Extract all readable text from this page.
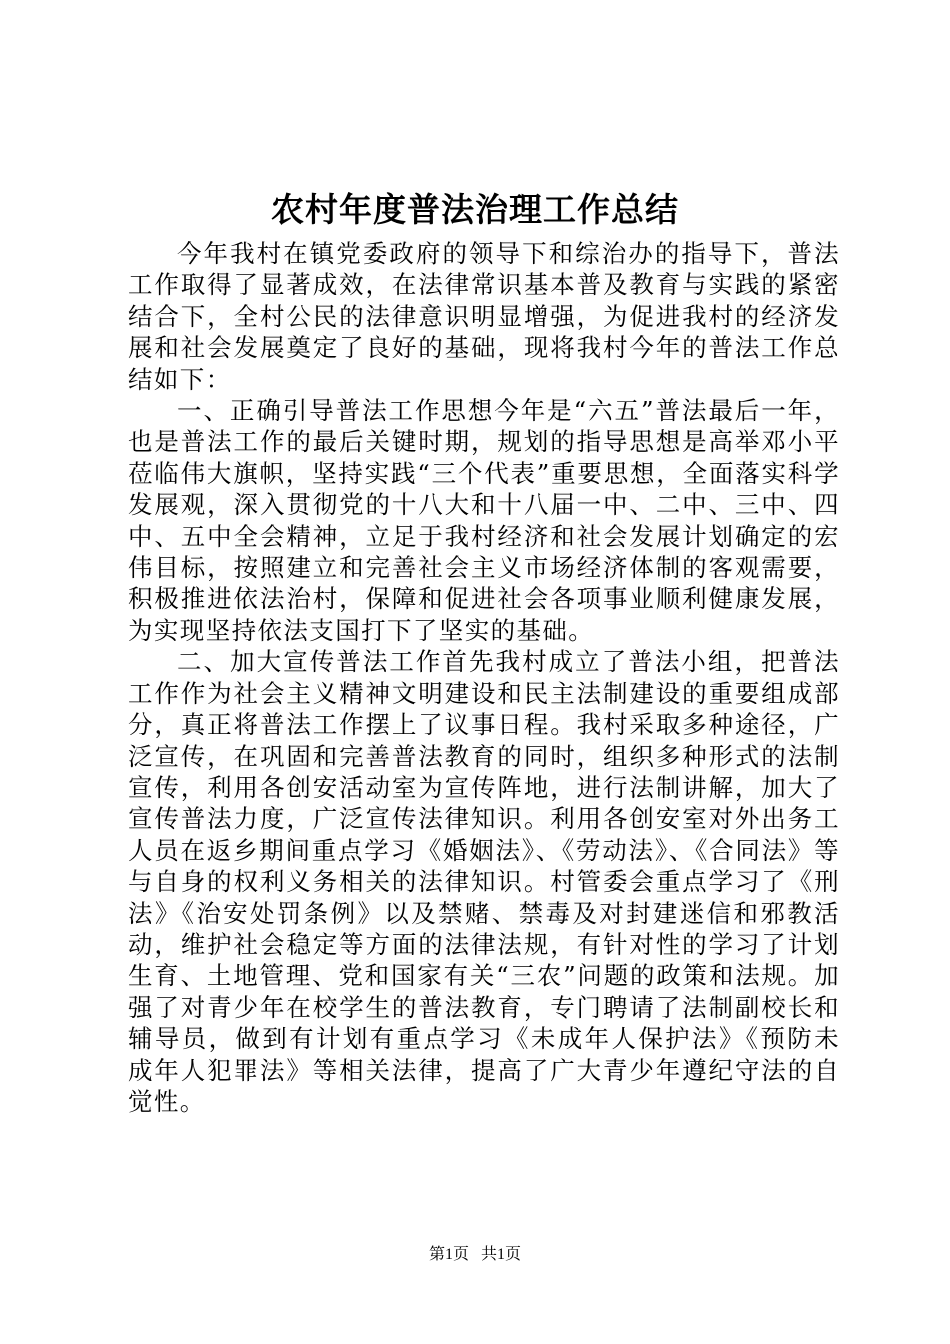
农村年度普法治理工作总结

今年我村在镇党委政府的领导下和综治办的指导下，普法工作取得了显著成效，在法律常识基本普及教育与实践的紧密结合下，全村公民的法律意识明显增强，为促进我村的经济发展和社会发展奠定了良好的基础，现将我村今年的普法工作总结如下：

一、正确引导普法工作思想今年是“六五”普法最后一年，也是普法工作的最后关键时期，规划的指导思想是高举邓小平莅临伟大旗帜，坚持实践“三个代表”重要思想，全面落实科学发展观，深入贯彻党的十八大和十八届一中、二中、三中、四中、五中全会精神，立足于我村经济和社会发展计划确定的宏伟目标，按照建立和完善社会主义市场经济体制的客观需要，积极推进依法治村，保障和促进社会各项事业顺利健康发展，为实现坚持依法支国打下了坚实的基础。

二、加大宣传普法工作首先我村成立了普法小组，把普法工作作为社会主义精神文明建设和民主法制建设的重要组成部分，真正将普法工作摆上了议事日程。我村采取多种途径，广泛宣传，在巩固和完善普法教育的同时，组织多种形式的法制宣传，利用各创安活动室为宣传阵地，进行法制讲解，加大了宣传普法力度，广泛宣传法律知识。利用各创安室对外出务工人员在返乡期间重点学习《婚姻法》、《劳动法》、《合同法》等与自身的权利义务相关的法律知识。村管委会重点学习了《刑法》《治安处罚条例》以及禁赌、禁毒及对封建迷信和邪教活动，维护社会稳定等方面的法律法规，有针对性的学习了计划生育、土地管理、党和国家有关“三农”问题的政策和法规。加强了对青少年在校学生的普法教育，专门聘请了法制副校长和辅导员，做到有计划有重点学习《未成年人保护法》《预防未成年人犯罪法》等相关法律，提高了广大青少年遵纪守法的自觉性。

第1页 共1页
